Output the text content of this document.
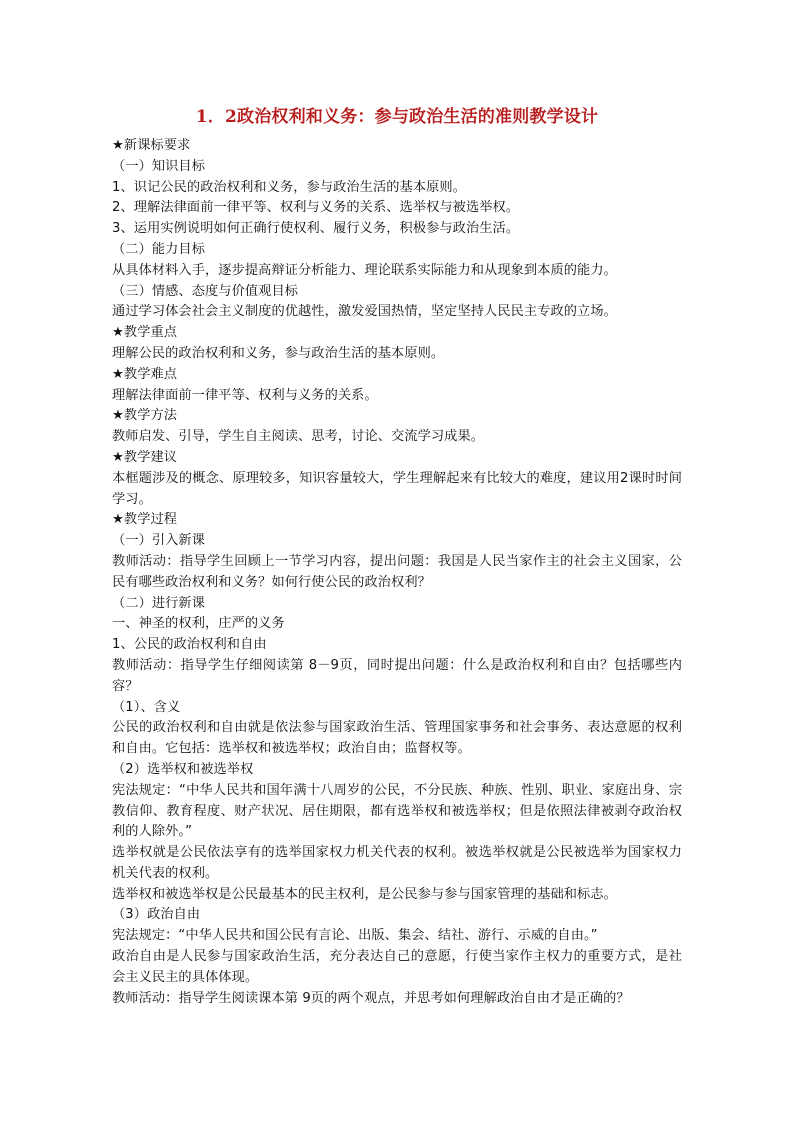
1．2政治权利和义务：参与政治生活的准则教学设计

★新课标要求

（一）知识目标

1、识记公民的政治权利和义务，参与政治生活的基本原则。

2、理解法律面前一律平等、权利与义务的关系、选举权与被选举权。

3、运用实例说明如何正确行使权利、履行义务，积极参与政治生活。

（二）能力目标

从具体材料入手，逐步提高辩证分析能力、理论联系实际能力和从现象到本质的能力。

（三）情感、态度与价值观目标

通过学习体会社会主义制度的优越性，激发爱国热情，坚定坚持人民民主专政的立场。

★教学重点

理解公民的政治权利和义务，参与政治生活的基本原则。

★教学难点

理解法律面前一律平等、权利与义务的关系。

★教学方法

教师启发、引导，学生自主阅读、思考，讨论、交流学习成果。

★教学建议

本框题涉及的概念、原理较多，知识容量较大，学生理解起来有比较大的难度，建议用2课时时间学习。

★教学过程

（一）引入新课

教师活动：指导学生回顾上一节学习内容，提出问题：我国是人民当家作主的社会主义国家，公民有哪些政治权利和义务？如何行使公民的政治权利？

（二）进行新课

一、神圣的权利，庄严的义务

1、公民的政治权利和自由

教师活动：指导学生仔细阅读第 8－9页，同时提出问题：什么是政治权利和自由？包括哪些内容？

（1）、含义

公民的政治权利和自由就是依法参与国家政治生活、管理国家事务和社会事务、表达意愿的权利和自由。它包括：选举权和被选举权；政治自由；监督权等。

（2）选举权和被选举权

宪法规定：“中华人民共和国年满十八周岁的公民，不分民族、种族、性别、职业、家庭出身、宗教信仰、教育程度、财产状况、居住期限，都有选举权和被选举权；但是依照法律被剥夺政治权利的人除外。”

选举权就是公民依法享有的选举国家权力机关代表的权利。被选举权就是公民被选举为国家权力机关代表的权利。

选举权和被选举权是公民最基本的民主权利，是公民参与参与国家管理的基础和标志。

（3）政治自由

宪法规定：“中华人民共和国公民有言论、出版、集会、结社、游行、示威的自由。”

政治自由是人民参与国家政治生活，充分表达自己的意愿，行使当家作主权力的重要方式，是社会主义民主的具体体现。

教师活动：指导学生阅读课本第 9页的两个观点，并思考如何理解政治自由才是正确的？
